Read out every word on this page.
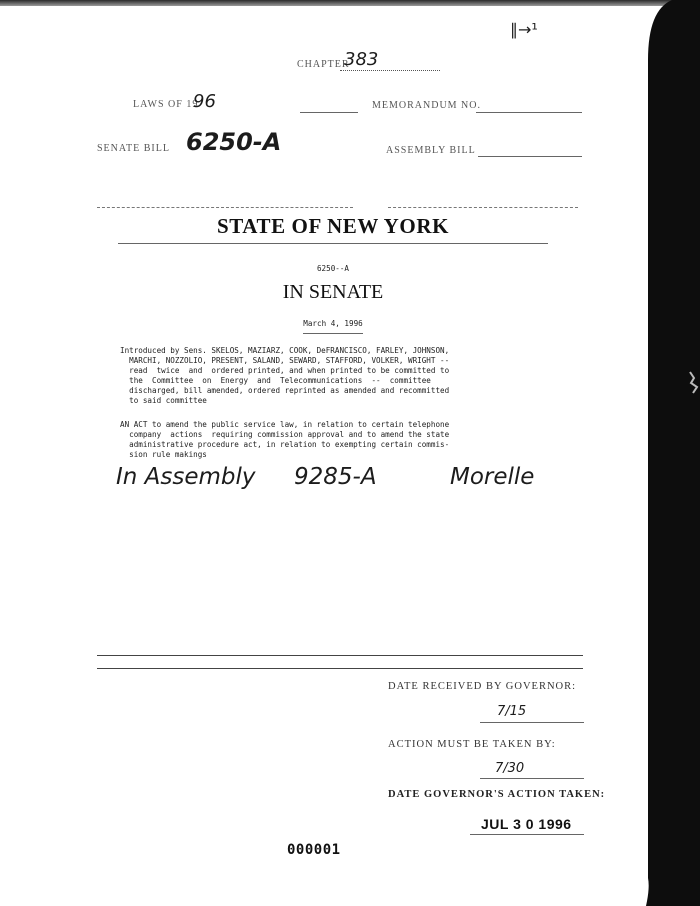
∥→¹
CHAPTER
383
LAWS OF 19
96	MEMORANDUM NO.
SENATE BILL 6250-A	ASSEMBLY BILL
STATE OF NEW YORK
6250--A
IN SENATE
March 4, 1996
Introduced by Sens. SKELOS, MAZIARZ, COOK, DeFRANCISCO, FARLEY, JOHNSON,
MARCHI, NOZZOLIO, PRESENT, SALAND, SEWARD, STAFFORD, VOLKER, WRIGHT --
read  twice  and  ordered printed, and when printed to be committed to
the  Committee  on  Energy  and  Telecommunications  --  committee
discharged, bill amended, ordered reprinted as amended and recommitted
to said committee
AN ACT to amend the public service law, in relation to certain telephone
company  actions  requiring commission approval and to amend the state
administrative procedure act, in relation to exempting certain commis-
sion rule makings
In Assembly 9285-A	Morelle
DATE RECEIVED BY GOVERNOR:
7/15
ACTION MUST BE TAKEN BY:
7/30
DATE GOVERNOR'S ACTION TAKEN:
JUL 3 0 1996
000001
